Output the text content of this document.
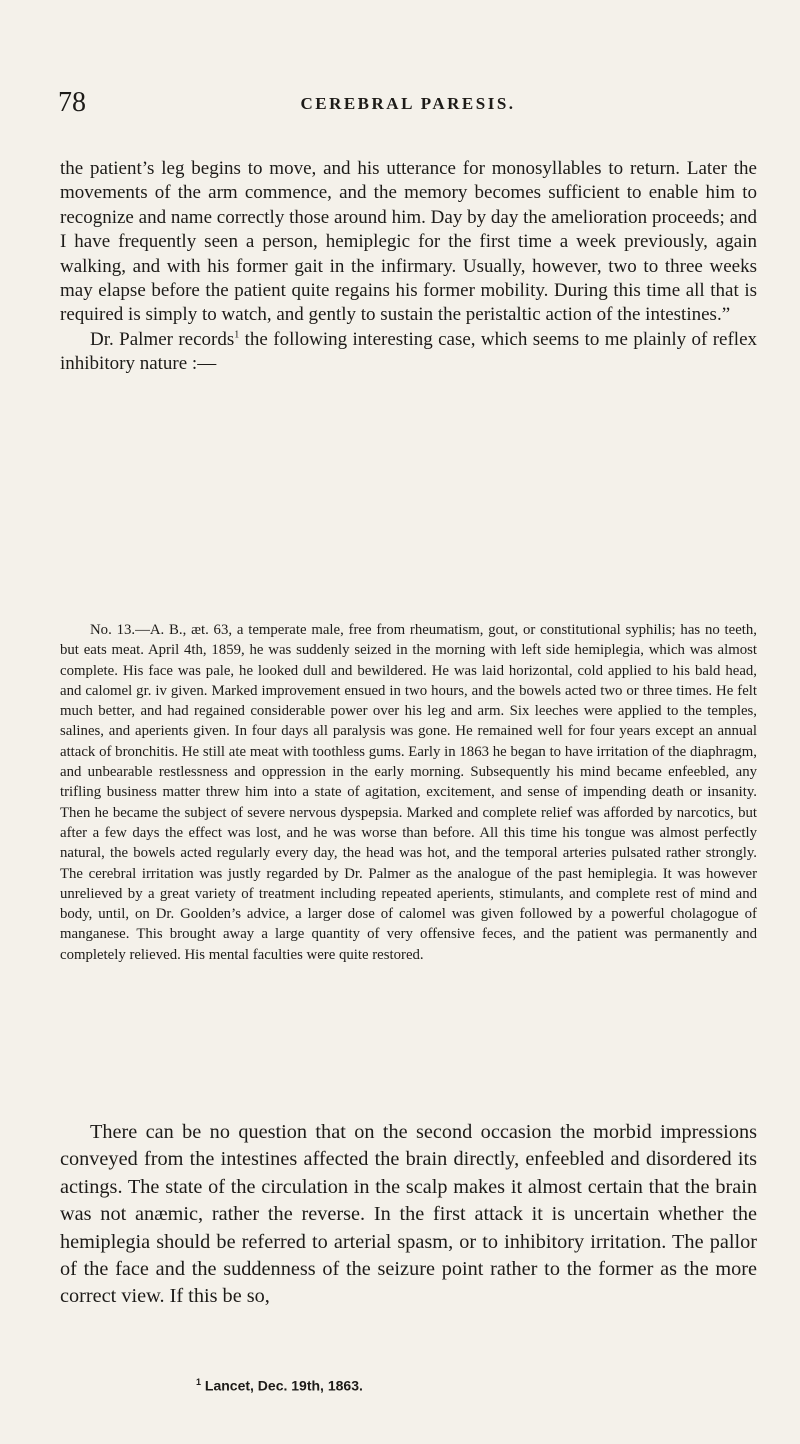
78	CEREBRAL PARESIS.

the patient’s leg begins to move, and his utterance for monosyllables to return. Later the movements of the arm commence, and the memory becomes sufficient to enable him to recognize and name correctly those around him. Day by day the amelioration proceeds; and I have frequently seen a person, hemiplegic for the first time a week previously, again walking, and with his former gait in the infirmary. Usually, however, two to three weeks may elapse before the patient quite regains his former mobility. During this time all that is required is simply to watch, and gently to sustain the peristaltic action of the intestines.”

Dr. Palmer records$^1$ the following interesting case, which seems to me plainly of reflex inhibitory nature :—

No. 13.—A. B., æt. 63, a temperate male, free from rheumatism, gout, or constitutional syphilis; has no teeth, but eats meat. April 4th, 1859, he was suddenly seized in the morning with left side hemiplegia, which was almost complete. His face was pale, he looked dull and bewildered. He was laid horizontal, cold applied to his bald head, and calomel gr. iv given. Marked improvement ensued in two hours, and the bowels acted two or three times. He felt much better, and had regained considerable power over his leg and arm. Six leeches were applied to the temples, salines, and aperients given. In four days all paralysis was gone. He remained well for four years except an annual attack of bronchitis. He still ate meat with toothless gums. Early in 1863 he began to have irritation of the diaphragm, and unbearable restlessness and oppression in the early morning. Subsequently his mind became enfeebled, any trifling business matter threw him into a state of agitation, excitement, and sense of impending death or insanity. Then he became the subject of severe nervous dyspepsia. Marked and complete relief was afforded by narcotics, but after a few days the effect was lost, and he was worse than before. All this time his tongue was almost perfectly natural, the bowels acted regularly every day, the head was hot, and the temporal arteries pulsated rather strongly. The cerebral irritation was justly regarded by Dr. Palmer as the analogue of the past hemiplegia. It was however unrelieved by a great variety of treatment including repeated aperients, stimulants, and complete rest of mind and body, until, on Dr. Goolden’s advice, a larger dose of calomel was given followed by a powerful cholagogue of manganese. This brought away a large quantity of very offensive feces, and the patient was permanently and completely relieved. His mental faculties were quite restored.

There can be no question that on the second occasion the morbid impressions conveyed from the intestines affected the brain directly, enfeebled and disordered its actings. The state of the circulation in the scalp makes it almost certain that the brain was not anæmic, rather the reverse. In the first attack it is uncertain whether the hemiplegia should be referred to arterial spasm, or to inhibitory irritation. The pallor of the face and the suddenness of the seizure point rather to the former as the more correct view. If this be so,

$^1$ Lancet, Dec. 19th, 1863.
